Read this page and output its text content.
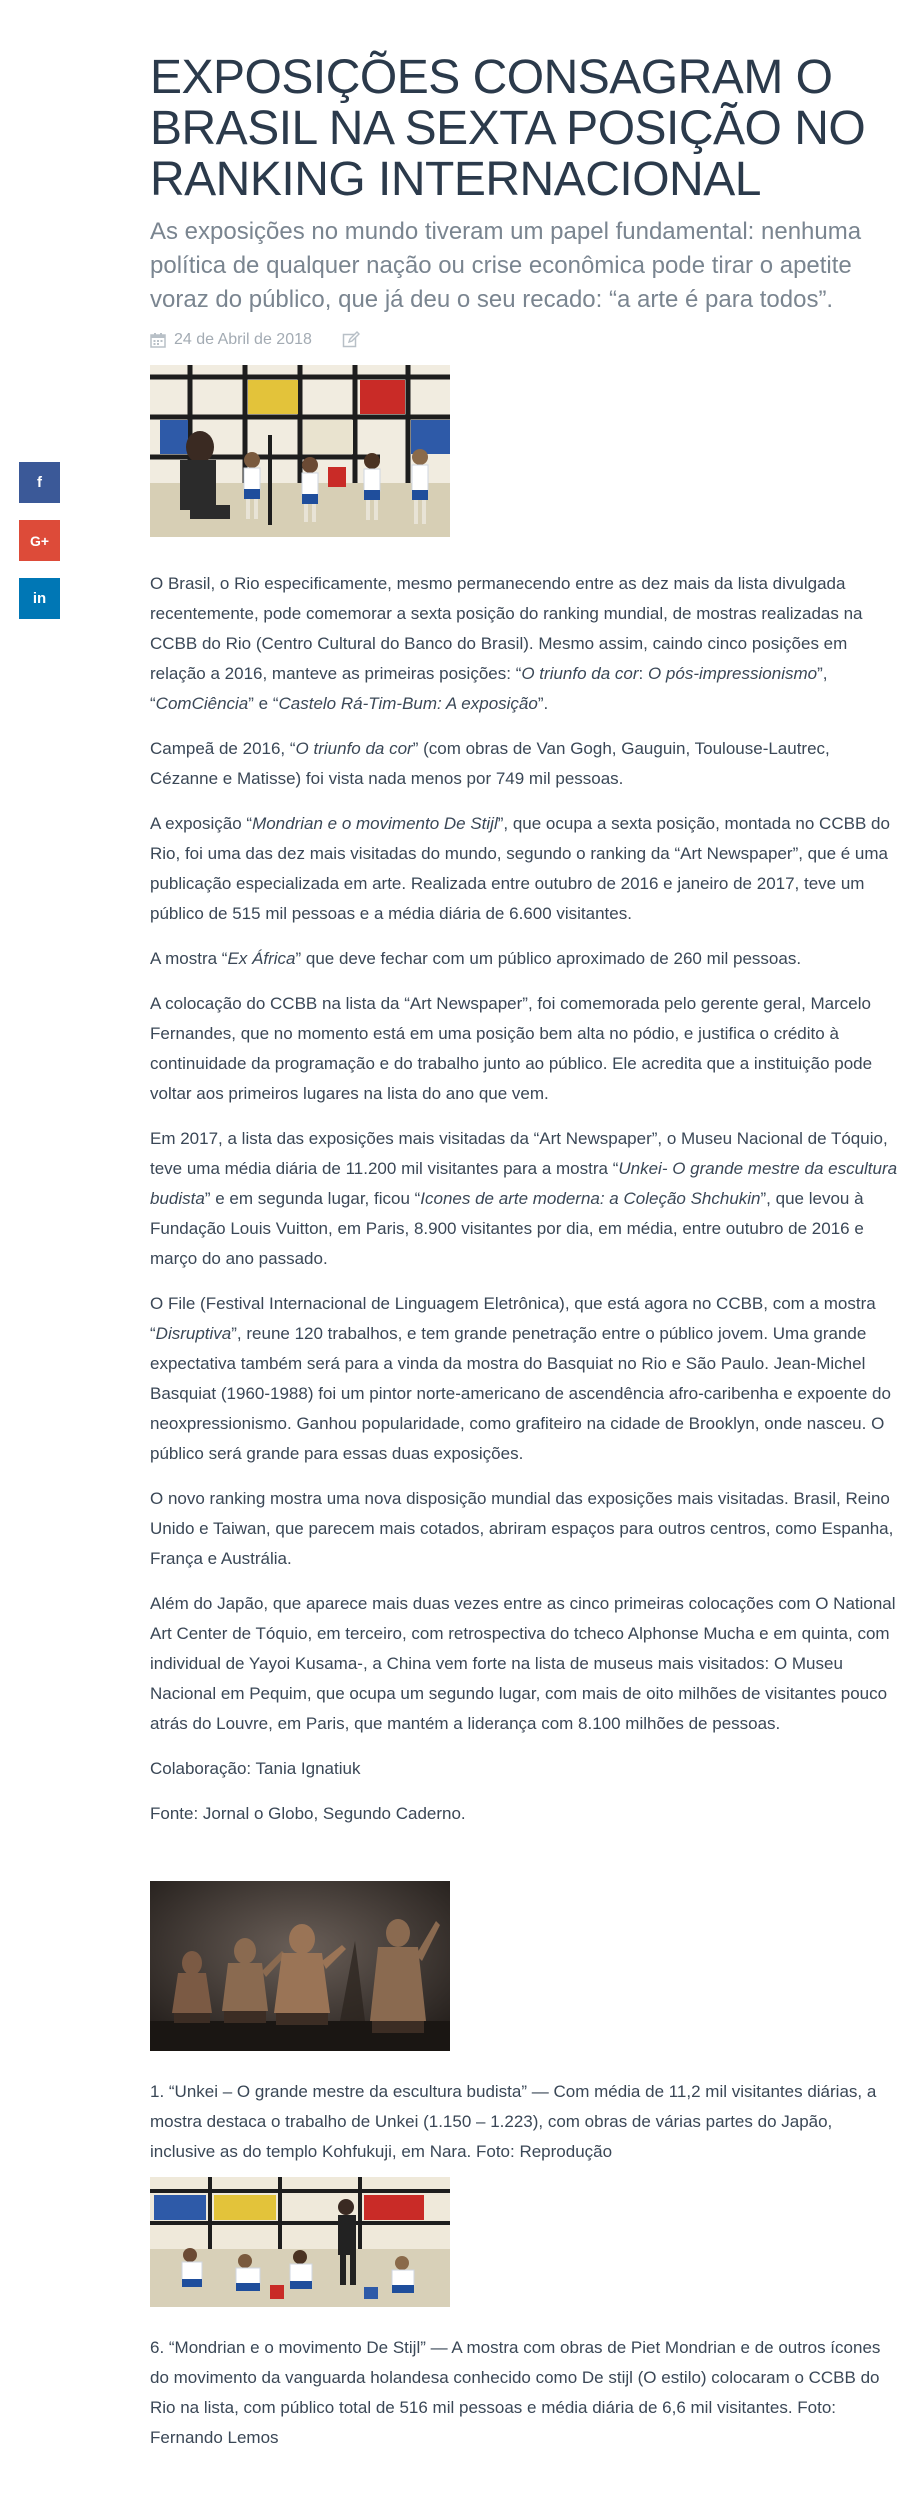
f
G+
in
EXPOSIÇÕES CONSAGRAM O BRASIL NA SEXTA POSIÇÃO NO RANKING INTERNACIONAL

As exposições no mundo tiveram um papel fundamental: nenhuma política de qualquer nação ou crise econômica pode tirar o apetite voraz do público, que já deu o seu recado: “a arte é para todos”.

24 de Abril de 2018

O Brasil, o Rio especificamente, mesmo permanecendo entre as dez mais da lista divulgada recentemente, pode comemorar a sexta posição do ranking mundial, de mostras realizadas na CCBB do Rio (Centro Cultural do Banco do Brasil). Mesmo assim, caindo cinco posições em relação a 2016, manteve as primeiras posições: “O triunfo da cor: O pós-impressionismo”, “ComCiência” e “Castelo Rá-Tim-Bum: A exposição”.

Campeã de 2016, “O triunfo da cor” (com obras de Van Gogh, Gauguin, Toulouse-Lautrec, Cézanne e Matisse) foi vista nada menos por 749 mil pessoas.

A exposição “Mondrian e o movimento De Stijl”, que ocupa a sexta posição, montada no CCBB do Rio, foi uma das dez mais visitadas do mundo, segundo o ranking da “Art Newspaper”, que é uma publicação especializada em arte. Realizada entre outubro de 2016 e janeiro de 2017, teve um público de 515 mil pessoas e a média diária de 6.600 visitantes.

A mostra “Ex África” que deve fechar com um público aproximado de 260 mil pessoas.

A colocação do CCBB na lista da “Art Newspaper”, foi comemorada pelo gerente geral, Marcelo Fernandes, que no momento está em uma posição bem alta no pódio, e justifica o crédito à continuidade da programação e do trabalho junto ao público. Ele acredita que a instituição pode voltar aos primeiros lugares na lista do ano que vem.

Em 2017, a lista das exposições mais visitadas da “Art Newspaper”, o Museu Nacional de Tóquio, teve uma média diária de 11.200 mil visitantes para a mostra “Unkei- O grande mestre da escultura budista” e em segunda lugar, ficou “Icones de arte moderna: a Coleção Shchukin”, que levou à Fundação Louis Vuitton, em Paris, 8.900 visitantes por dia, em média, entre outubro de 2016 e março do ano passado.

O File (Festival Internacional de Linguagem Eletrônica), que está agora no CCBB, com a mostra “Disruptiva”, reune 120 trabalhos, e tem grande penetração entre o público jovem. Uma grande expectativa também será para a vinda da mostra do Basquiat no Rio e São Paulo. Jean-Michel Basquiat (1960-1988) foi um pintor norte-americano de ascendência afro-caribenha e expoente do neoxpressionismo. Ganhou popularidade, como grafiteiro na cidade de Brooklyn, onde nasceu. O público será grande para essas duas exposições.

O novo ranking mostra uma nova disposição mundial das exposições mais visitadas. Brasil, Reino Unido e Taiwan, que parecem mais cotados, abriram espaços para outros centros, como Espanha, França e Austrália.

Além do Japão, que aparece mais duas vezes entre as cinco primeiras colocações com O National Art Center de Tóquio, em terceiro, com retrospectiva do tcheco Alphonse Mucha e em quinta, com individual de Yayoi Kusama-, a China vem forte na lista de museus mais visitados: O Museu Nacional em Pequim, que ocupa um segundo lugar, com mais de oito milhões de visitantes pouco atrás do Louvre, em Paris, que mantém a liderança com 8.100 milhões de pessoas.

Colaboração: Tania Ignatiuk

Fonte: Jornal o Globo, Segundo Caderno.

1. “Unkei – O grande mestre da escultura budista” — Com média de 11,2 mil visitantes diárias, a mostra destaca o trabalho de Unkei (1.150 – 1.223), com obras de várias partes do Japão, inclusive as do templo Kohfukuji, em Nara. Foto: Reprodução

6. “Mondrian e o movimento De Stijl” — A mostra com obras de Piet Mondrian e de outros ícones do movimento da vanguarda holandesa conhecido como De stijl (O estilo) colocaram o CCBB do Rio na lista, com público total de 516 mil pessoas e média diária de 6,6 mil visitantes. Foto: Fernando Lemos
